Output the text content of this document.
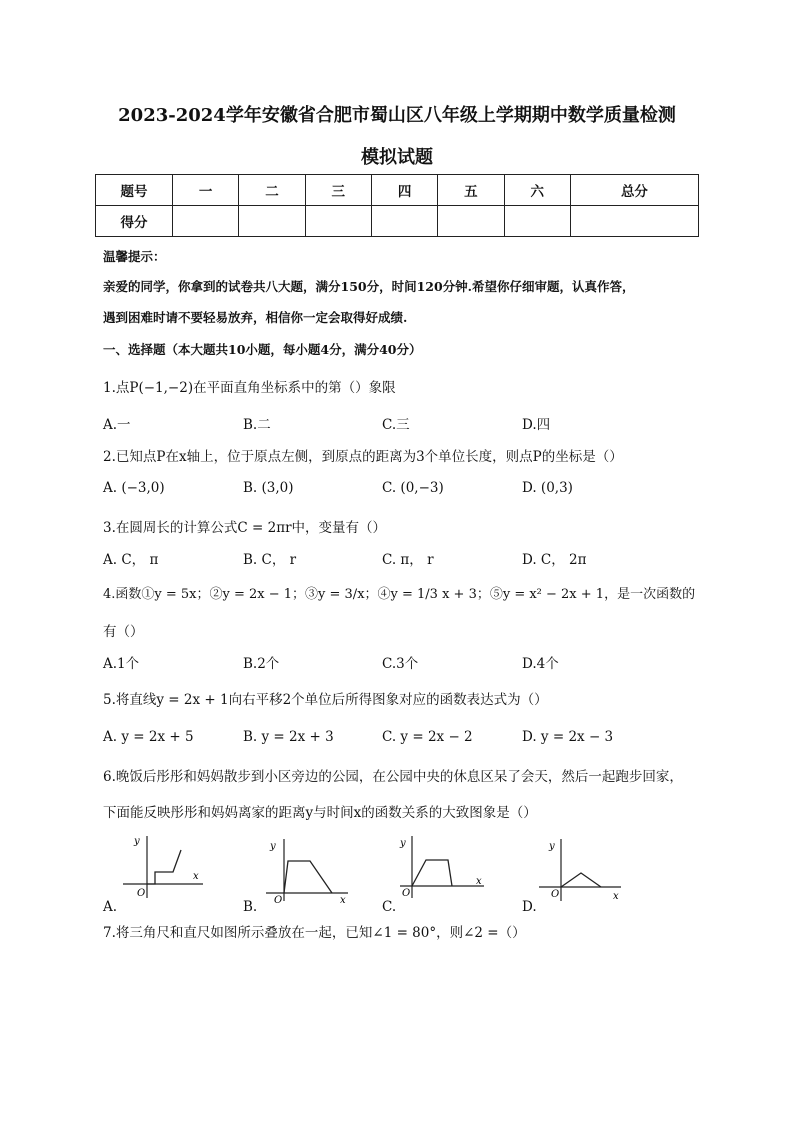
2023-2024学年安徽省合肥市蜀山区八年级上学期期中数学质量检测
模拟试题
题号	一	二	三	四	五	六	总分
得分							
温馨提示：
亲爱的同学，你拿到的试卷共八大题，满分150分，时间120分钟.希望你仔细审题，认真作答，
遇到困难时请不要轻易放弃，相信你一定会取得好成绩.
一、选择题（本大题共10小题，每小题4分，满分40分）
1.点P(−1,−2)在平面直角坐标系中的第（）象限
A.一	B.二	C.三	D.四
2.已知点P在x轴上，位于原点左侧，到原点的距离为3个单位长度，则点P的坐标是（）
A. (−3,0)	B. (3,0)	C. (0,−3)	D. (0,3)
3.在圆周长的计算公式C = 2πr中，变量有（）
A. C， π	B. C， r	C. π， r	D. C， 2π
4.函数①y = 5x；②y = 2x − 1；③y = 3/x；④y = 1/3 x + 3；⑤y = x² − 2x + 1，是一次函数的
有（）
A.1个	B.2个	C.3个	D.4个
5.将直线y = 2x + 1向右平移2个单位后所得图象对应的函数表达式为（）
A. y = 2x + 5	B. y = 2x + 3	C. y = 2x − 2	D. y = 2x − 3
6.晚饭后彤彤和妈妈散步到小区旁边的公园，在公园中央的休息区呆了会天，然后一起跑步回家，
下面能反映彤彤和妈妈离家的距离y与时间x的函数关系的大致图象是（）
y
x
O
y
x
O
y
x
O
y
x
O
A.	B.	C.	D.
7.将三角尺和直尺如图所示叠放在一起，已知∠1 = 80°，则∠2 =（）
